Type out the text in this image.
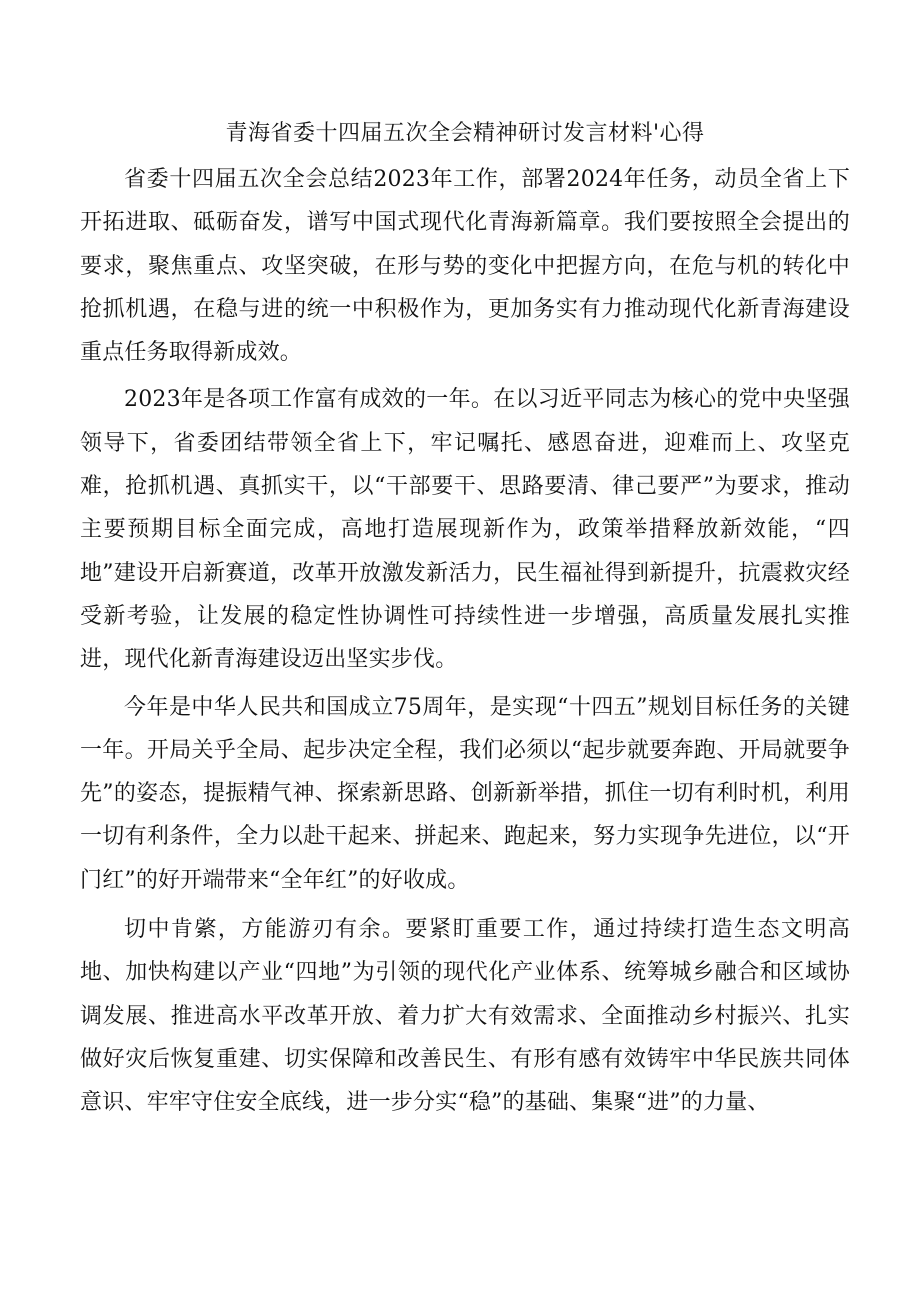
青海省委十四届五次全会精神研讨发言材料'心得

省委十四届五次全会总结2023年工作，部署2024年任务，动员全省上下开拓进取、砥砺奋发，谱写中国式现代化青海新篇章。我们要按照全会提出的要求，聚焦重点、攻坚突破，在形与势的变化中把握方向，在危与机的转化中抢抓机遇，在稳与进的统一中积极作为，更加务实有力推动现代化新青海建设重点任务取得新成效。

2023年是各项工作富有成效的一年。在以习近平同志为核心的党中央坚强领导下，省委团结带领全省上下，牢记嘱托、感恩奋进，迎难而上、攻坚克难，抢抓机遇、真抓实干，以“干部要干、思路要清、律己要严”为要求，推动主要预期目标全面完成，高地打造展现新作为，政策举措释放新效能，“四地”建设开启新赛道，改革开放激发新活力，民生福祉得到新提升，抗震救灾经受新考验，让发展的稳定性协调性可持续性进一步增强，高质量发展扎实推进，现代化新青海建设迈出坚实步伐。

今年是中华人民共和国成立75周年，是实现“十四五”规划目标任务的关键一年。开局关乎全局、起步决定全程，我们必须以“起步就要奔跑、开局就要争先”的姿态，提振精气神、探索新思路、创新新举措，抓住一切有利时机，利用一切有利条件，全力以赴干起来、拼起来、跑起来，努力实现争先进位，以“开门红”的好开端带来“全年红”的好收成。

切中肯綮，方能游刃有余。要紧盯重要工作，通过持续打造生态文明高地、加快构建以产业“四地”为引领的现代化产业体系、统筹城乡融合和区域协调发展、推进高水平改革开放、着力扩大有效需求、全面推动乡村振兴、扎实做好灾后恢复重建、切实保障和改善民生、有形有感有效铸牢中华民族共同体意识、牢牢守住安全底线，进一步分实“稳”的基础、集聚“进”的力量、
